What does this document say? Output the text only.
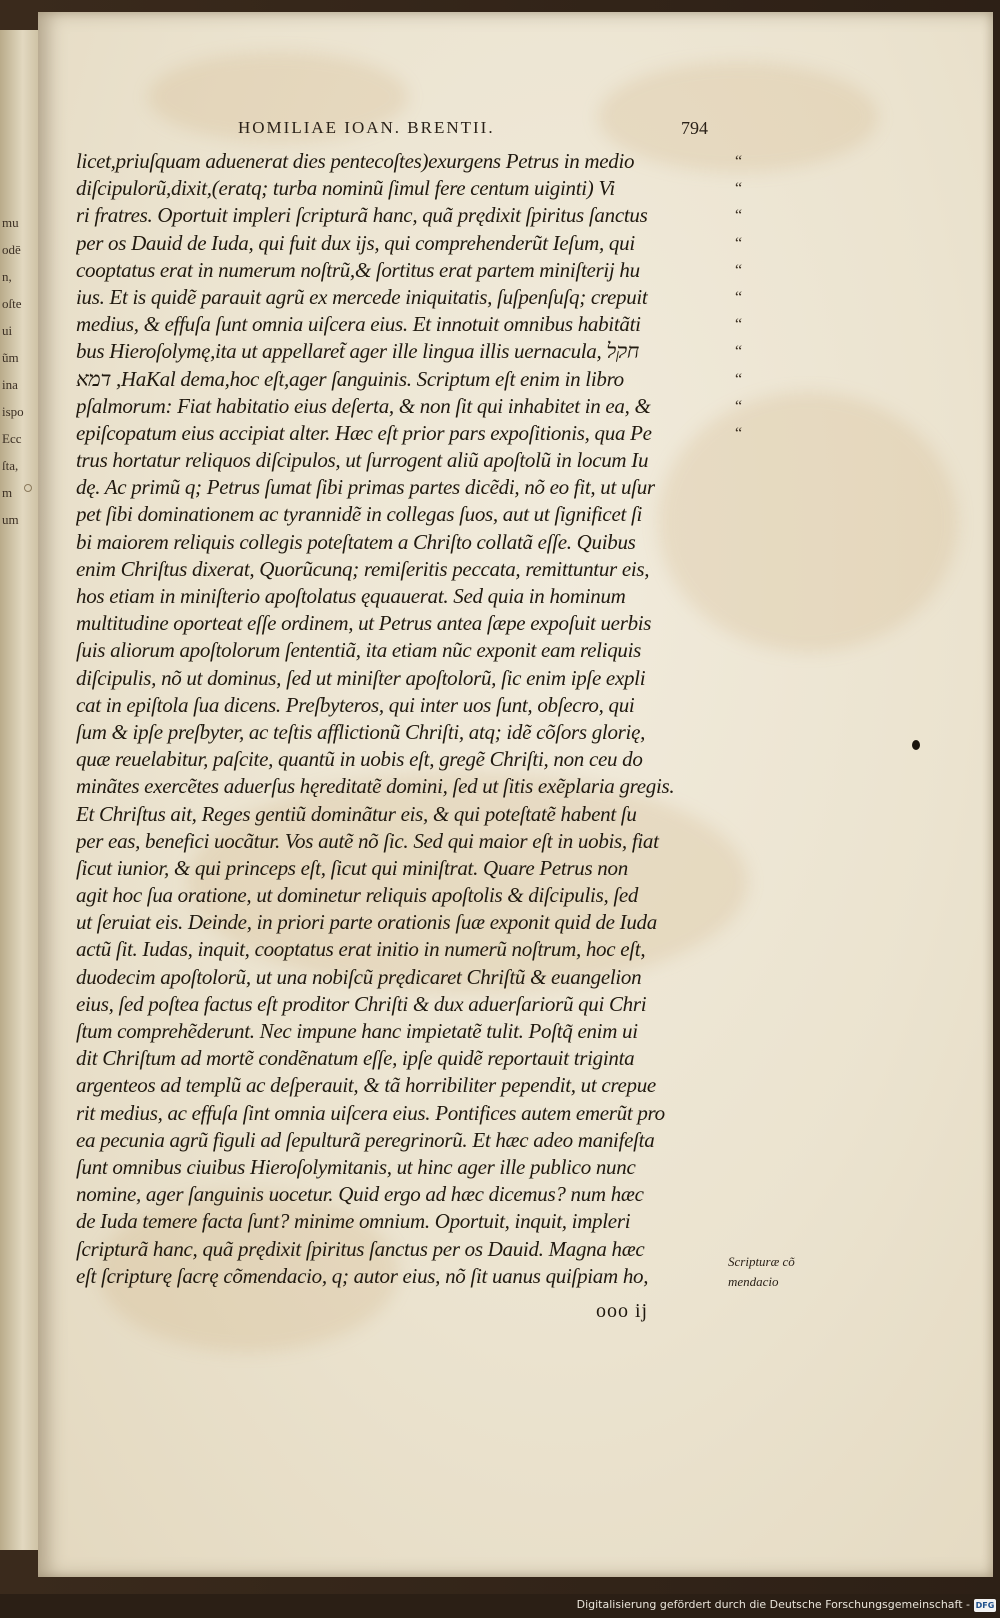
mu
odē
n,
oſte
ui
ũm
ina
ispo
Ecc
ſta,
m
um
HOMILIAE IOAN. BRENTII.	794
licet,priuſquam aduenerat dies pentecoſtes)exurgens Petrus in medio
diſcipulorũ,dixit,(eratq; turba nominũ ſimul fere centum uiginti) Vi
ri fratres. Oportuit impleri ſcripturã hanc, quã prędixit ſpiritus ſanctus
per os Dauid de Iuda, qui fuit dux ijs, qui comprehenderũt Ieſum, qui
cooptatus erat in numerum noſtrũ,& ſortitus erat partem miniſterij hu
ius. Et is quidẽ parauit agrũ ex mercede iniquitatis, ſuſpenſuſq; crepuit
medius, & effuſa ſunt omnia uiſcera eius. Et innotuit omnibus habitãti
bus Hieroſolymę,ita ut appellaret̃ ager ille lingua illis uernacula, חקל
דמא ,HaKal dema,hoc eſt,ager ſanguinis. Scriptum eſt enim in libro
pſalmorum: Fiat habitatio eius deſerta, & non ſit qui inhabitet in ea, &
epiſcopatum eius accipiat alter. Hæc eſt prior pars expoſitionis, qua Pe
trus hortatur reliquos diſcipulos, ut ſurrogent aliũ apoſtolũ in locum Iu
dę. Ac primũ q; Petrus ſumat ſibi primas partes dicẽdi, nõ eo fit, ut uſur
pet ſibi dominationem ac tyrannidẽ in collegas ſuos, aut ut ſignificet ſi
bi maiorem reliquis collegis poteſtatem a Chriſto collatã eſſe. Quibus
enim Chriſtus dixerat, Quorũcunq; remiſeritis peccata, remittuntur eis,
hos etiam in miniſterio apoſtolatus ęquauerat. Sed quia in hominum
multitudine oporteat eſſe ordinem, ut Petrus antea ſæpe expoſuit uerbis
ſuis aliorum apoſtolorum ſententiã, ita etiam nũc exponit eam reliquis
diſcipulis, nõ ut dominus, ſed ut miniſter apoſtolorũ, ſic enim ipſe expli
cat in epiſtola ſua dicens. Preſbyteros, qui inter uos ſunt, obſecro, qui
ſum & ipſe preſbyter, ac teſtis afflictionũ Chriſti, atq; idẽ cõſors glorię,
quæ reuelabitur, paſcite, quantũ in uobis eſt, gregẽ Chriſti, non ceu do
minãtes exercẽtes aduerſus hęreditatẽ domini, ſed ut ſitis exẽplaria gregis.
Et Chriſtus ait, Reges gentiũ dominãtur eis, & qui poteſtatẽ habent ſu
per eas, benefici uocãtur. Vos autẽ nõ ſic. Sed qui maior eſt in uobis, fiat
ſicut iunior, & qui princeps eſt, ſicut qui miniſtrat. Quare Petrus non
agit hoc ſua oratione, ut dominetur reliquis apoſtolis & diſcipulis, ſed
ut ſeruiat eis. Deinde, in priori parte orationis ſuæ exponit quid de Iuda
actũ ſit. Iudas, inquit, cooptatus erat initio in numerũ noſtrum, hoc eſt,
duodecim apoſtolorũ, ut una nobiſcũ prędicaret Chriſtũ & euangelion
eius, ſed poſtea factus eſt proditor Chriſti & dux aduerſariorũ qui Chri
ſtum comprehẽderunt. Nec impune hanc impietatẽ tulit. Poſtq̃ enim ui
dit Chriſtum ad mortẽ condẽnatum eſſe, ipſe quidẽ reportauit triginta
argenteos ad templũ ac deſperauit, & tã horribiliter pependit, ut crepue
rit medius, ac effuſa ſint omnia uiſcera eius. Pontifices autem emerũt pro
ea pecunia agrũ figuli ad ſepulturã peregrinorũ. Et hæc adeo manifeſta
ſunt omnibus ciuibus Hieroſolymitanis, ut hinc ager ille publico nunc
nomine, ager ſanguinis uocetur. Quid ergo ad hæc dicemus? num hæc
de Iuda temere facta ſunt? minime omnium. Oportuit, inquit, impleri
ſcripturã hanc, quã prędixit ſpiritus ſanctus per os Dauid. Magna hæc
eſt ſcripturę ſacrę cõmendacio, q; autor eius, nõ ſit uanus quiſpiam ho,
“
“
“
“
“
“
“
“
“
“
“
Scripturæ cõ
mendacio
ooo ij
Digitalisierung gefördert durch die Deutsche Forschungsgemeinschaft - DFG
